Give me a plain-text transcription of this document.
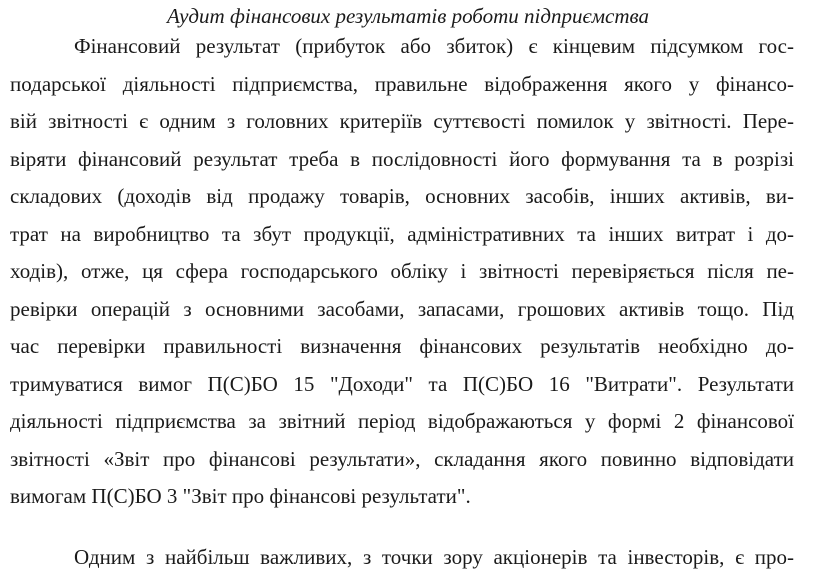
Аудит фінансових результатів роботи підприємства
Фінансовий результат (прибуток або збиток) є кінцевим підсумком гос-
подарської діяльності підприємства, правильне відображення якого у фінансо-
вій звітності є одним з головних критеріїв суттєвості помилок у звітності. Пере-
віряти фінансовий результат треба в послідовності його формування та в розрізі
складових (доходів від продажу товарів, основних засобів, інших активів, ви-
трат на виробництво та збут продукції, адміністративних та інших витрат і до-
ходів), отже, ця сфера господарського обліку і звітності перевіряється після пе-
ревірки операцій з основними засобами, запасами, грошових активів тощо. Під
час перевірки правильності визначення фінансових результатів необхідно до-
тримуватися вимог П(С)БО 15 "Доходи" та П(С)БО 16 "Витрати". Результати
діяльності підприємства за звітний період відображаються у формі 2 фінансової
звітності «Звіт про фінансові результати», складання якого повинно відповідати
вимогам П(С)БО 3 "Звіт про фінансові результати".
Одним з найбільш важливих, з точки зору акціонерів та інвесторів, є про-
